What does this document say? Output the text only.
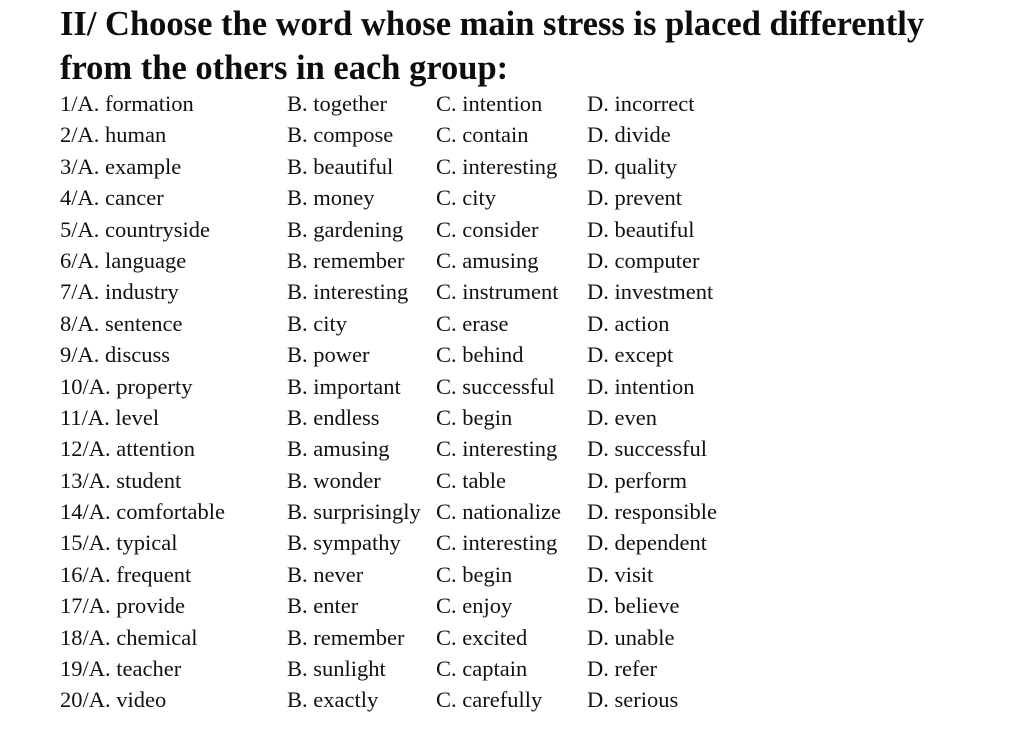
II/ Choose the word whose main stress is placed differently
from the others in each group:
1/A. formation	B. together C. intention D. incorrect
2/A. human	B. compose C. contain	D. divide
3/A. example	B. beautiful C. interesting D. quality
4/A. cancer	B. money	C. city	D. prevent
5/A. countryside	B. gardening C. consider D. beautiful
6/A. language	B. remember C. amusing D. computer
7/A. industry	B. interesting C. instrument D. investment
8/A. sentence	B. city	C. erase	D. action
9/A. discuss	B. power	C. behind	D. except
10/A. property	B. important C. successful D. intention
11/A. level	B. endless	C. begin	D. even
12/A. attention	B. amusing C. interesting D. successful
13/A. student	B. wonder C. table	D. perform
14/A. comfortable	B. surprisingly C. nationalize D. responsible
15/A. typical	B. sympathy C. interesting D. dependent
16/A. frequent	B. never	C. begin	D. visit
17/A. provide	B. enter	C. enjoy	D. believe
18/A. chemical	B. remember C. excited	D. unable
19/A. teacher	B. sunlight C. captain	D. refer
20/A. video	B. exactly	C. carefully D. serious
